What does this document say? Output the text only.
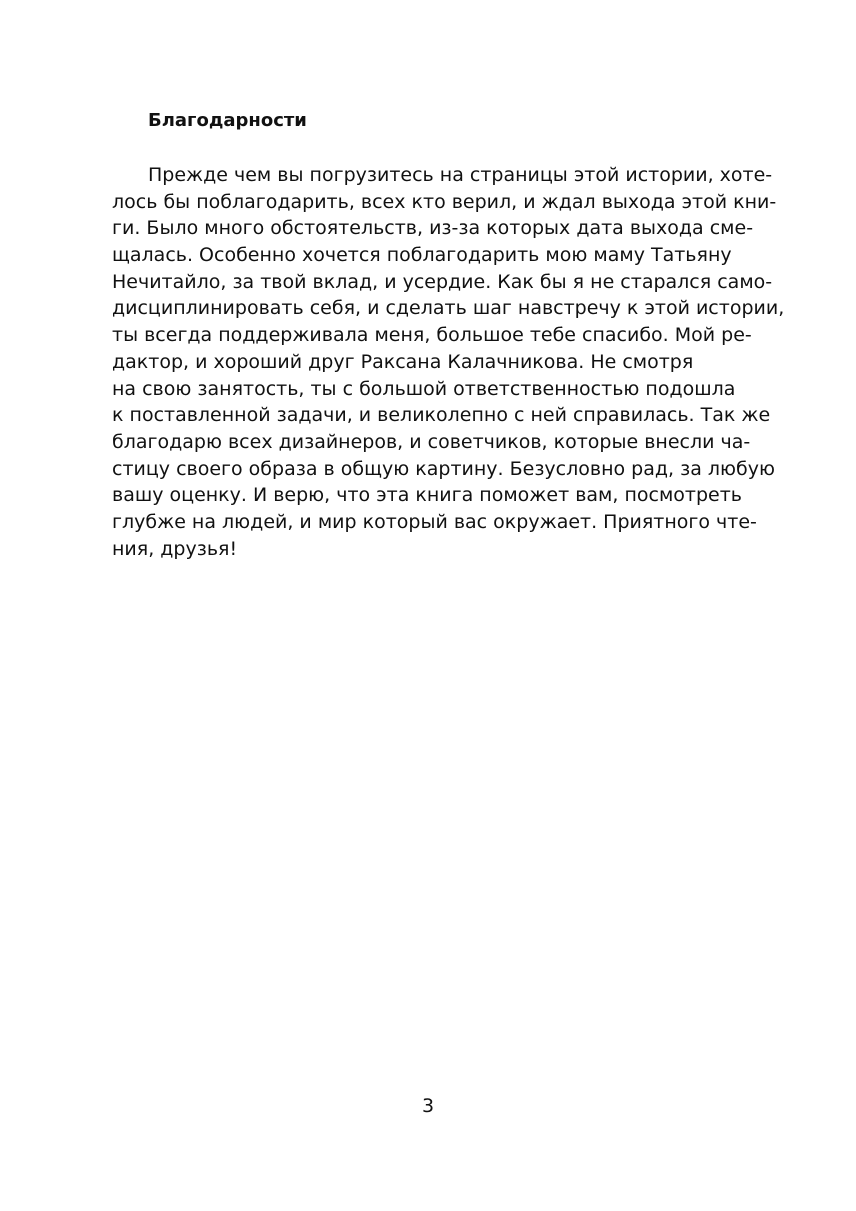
Благодарности
Прежде чем вы погрузитесь на страницы этой истории, хоте-
лось бы поблагодарить, всех кто верил, и ждал выхода этой кни-
ги. Было много обстоятельств, из-за которых дата выхода сме-
щалась. Особенно хочется поблагодарить мою маму Татьяну
Нечитайло, за твой вклад, и усердие. Как бы я не старался само-
дисциплинировать себя, и сделать шаг навстречу к этой истории,
ты всегда поддерживала меня, большое тебе спасибо. Мой ре-
дактор, и хороший друг Раксана Калачникова. Не смотря
на свою занятость, ты с большой ответственностью подошла
к поставленной задачи, и великолепно с ней справилась. Так же
благодарю всех дизайнеров, и советчиков, которые внесли ча-
стицу своего образа в общую картину. Безусловно рад, за любую
вашу оценку. И верю, что эта книга поможет вам, посмотреть
глубже на людей, и мир который вас окружает. Приятного чте-
ния, друзья!
3
